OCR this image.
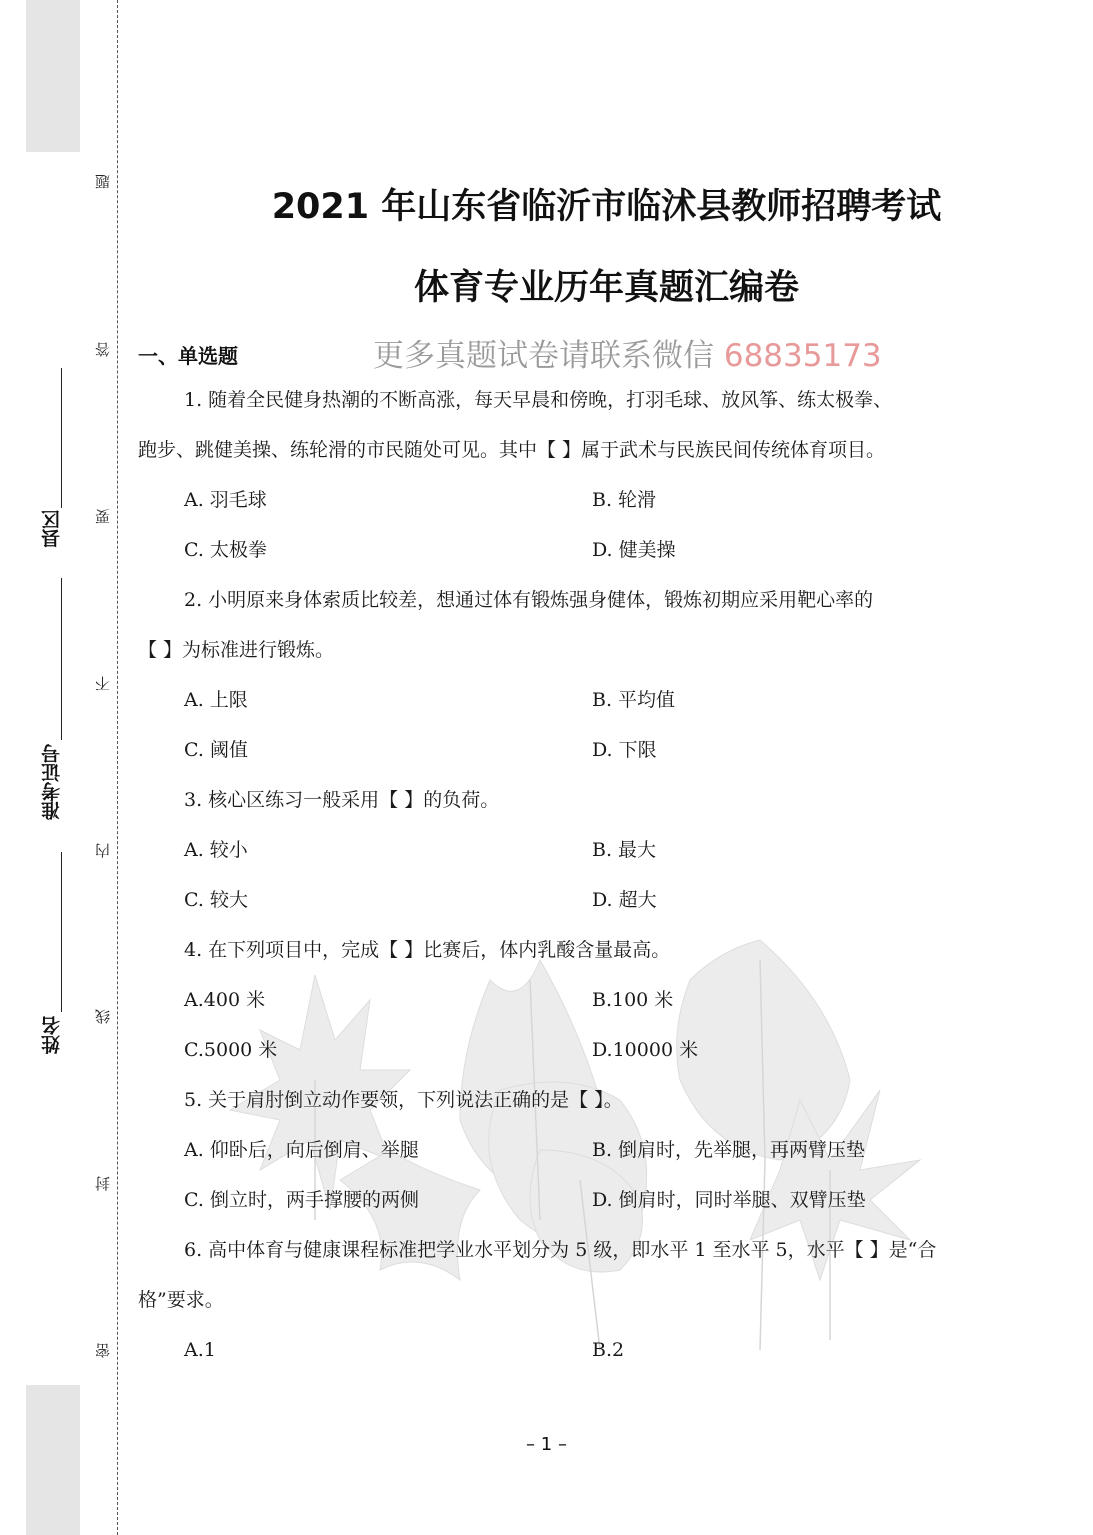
题
答
要
不
内
线
封
密
县区
准考证号
姓名
2021 年山东省临沂市临沭县教师招聘考试
体育专业历年真题汇编卷
更多真题试卷请联系微信 68835173
一、单选题
1. 随着全民健身热潮的不断高涨，每天早晨和傍晚，打羽毛球、放风筝、练太极拳、
跑步、跳健美操、练轮滑的市民随处可见。其中【 】属于武术与民族民间传统体育项目。
A. 羽毛球	B. 轮滑
C. 太极拳	D. 健美操
2. 小明原来身体索质比较差，想通过体有锻炼强身健体，锻炼初期应采用靶心率的
【 】为标准进行锻炼。
A. 上限	B. 平均值
C. 阈值	D. 下限
3. 核心区练习一般采用【 】的负荷。
A. 较小	B. 最大
C. 较大	D. 超大
4. 在下列项目中，完成【 】比赛后，体内乳酸含量最高。
A.400 米	B.100 米
C.5000 米	D.10000 米
5. 关于肩肘倒立动作要领，下列说法正确的是【 】。
A. 仰卧后，向后倒肩、举腿	B. 倒肩时，先举腿，再两臂压垫
C. 倒立时，两手撑腰的两侧	D. 倒肩时，同时举腿、双臂压垫
6. 高中体育与健康课程标准把学业水平划分为 5 级，即水平 1 至水平 5，水平【 】是“合
格”要求。
A.1	B.2
– 1 –
